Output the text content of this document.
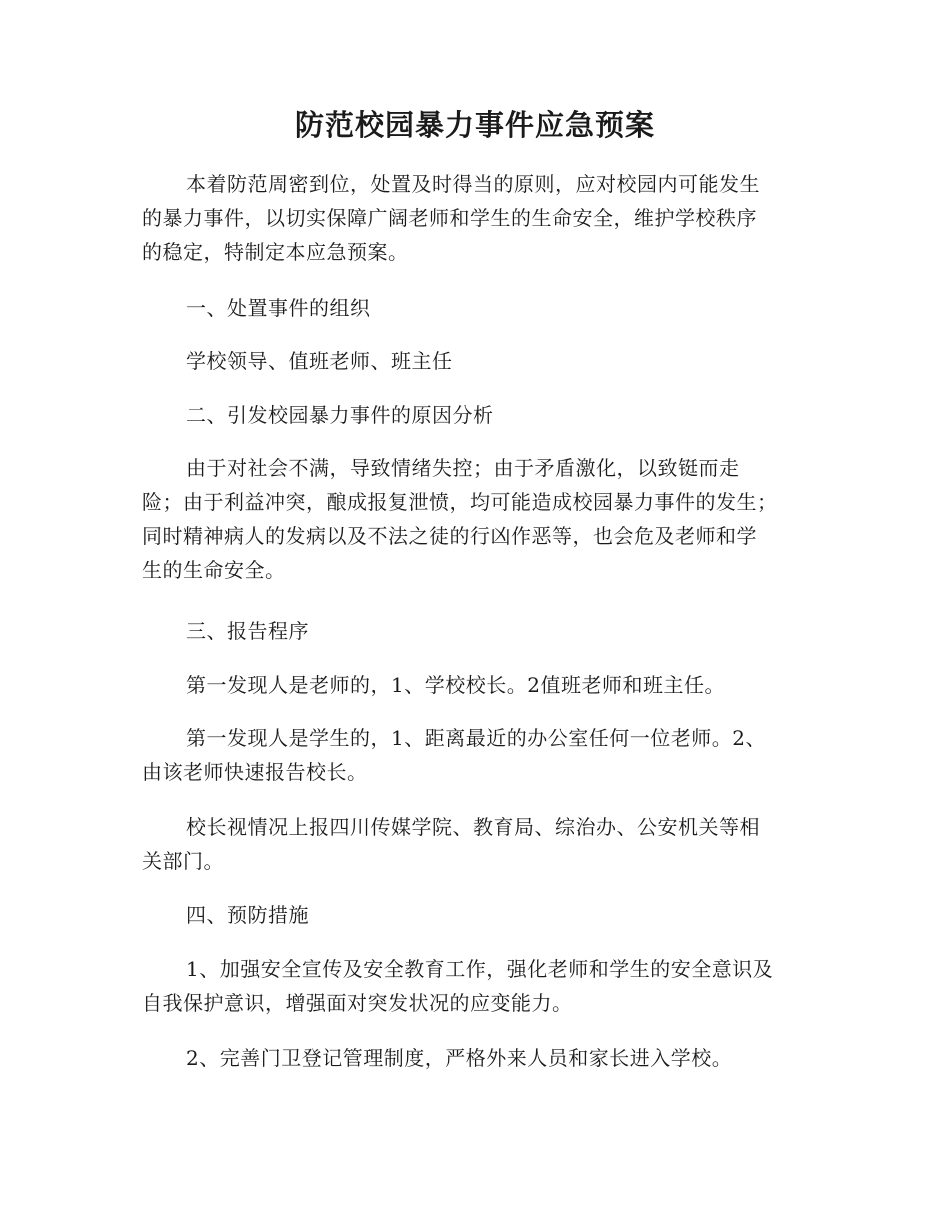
防范校园暴力事件应急预案

本着防范周密到位，处置及时得当的原则，应对校园内可能发生
的暴力事件，以切实保障广阔老师和学生的生命安全，维护学校秩序
的稳定，特制定本应急预案。

一、处置事件的组织

学校领导、值班老师、班主任

二、引发校园暴力事件的原因分析

由于对社会不满，导致情绪失控；由于矛盾激化，以致铤而走
险；由于利益冲突，酿成报复泄愤，均可能造成校园暴力事件的发生；
同时精神病人的发病以及不法之徒的行凶作恶等，也会危及老师和学
生的生命安全。

三、报告程序

第一发现人是老师的，1、学校校长。2值班老师和班主任。

第一发现人是学生的，1、距离最近的办公室任何一位老师。2、
由该老师快速报告校长。

校长视情况上报四川传媒学院、教育局、综治办、公安机关等相
关部门。

四、预防措施

1、加强安全宣传及安全教育工作，强化老师和学生的安全意识及
自我保护意识，增强面对突发状况的应变能力。

2、完善门卫登记管理制度，严格外来人员和家长进入学校。
